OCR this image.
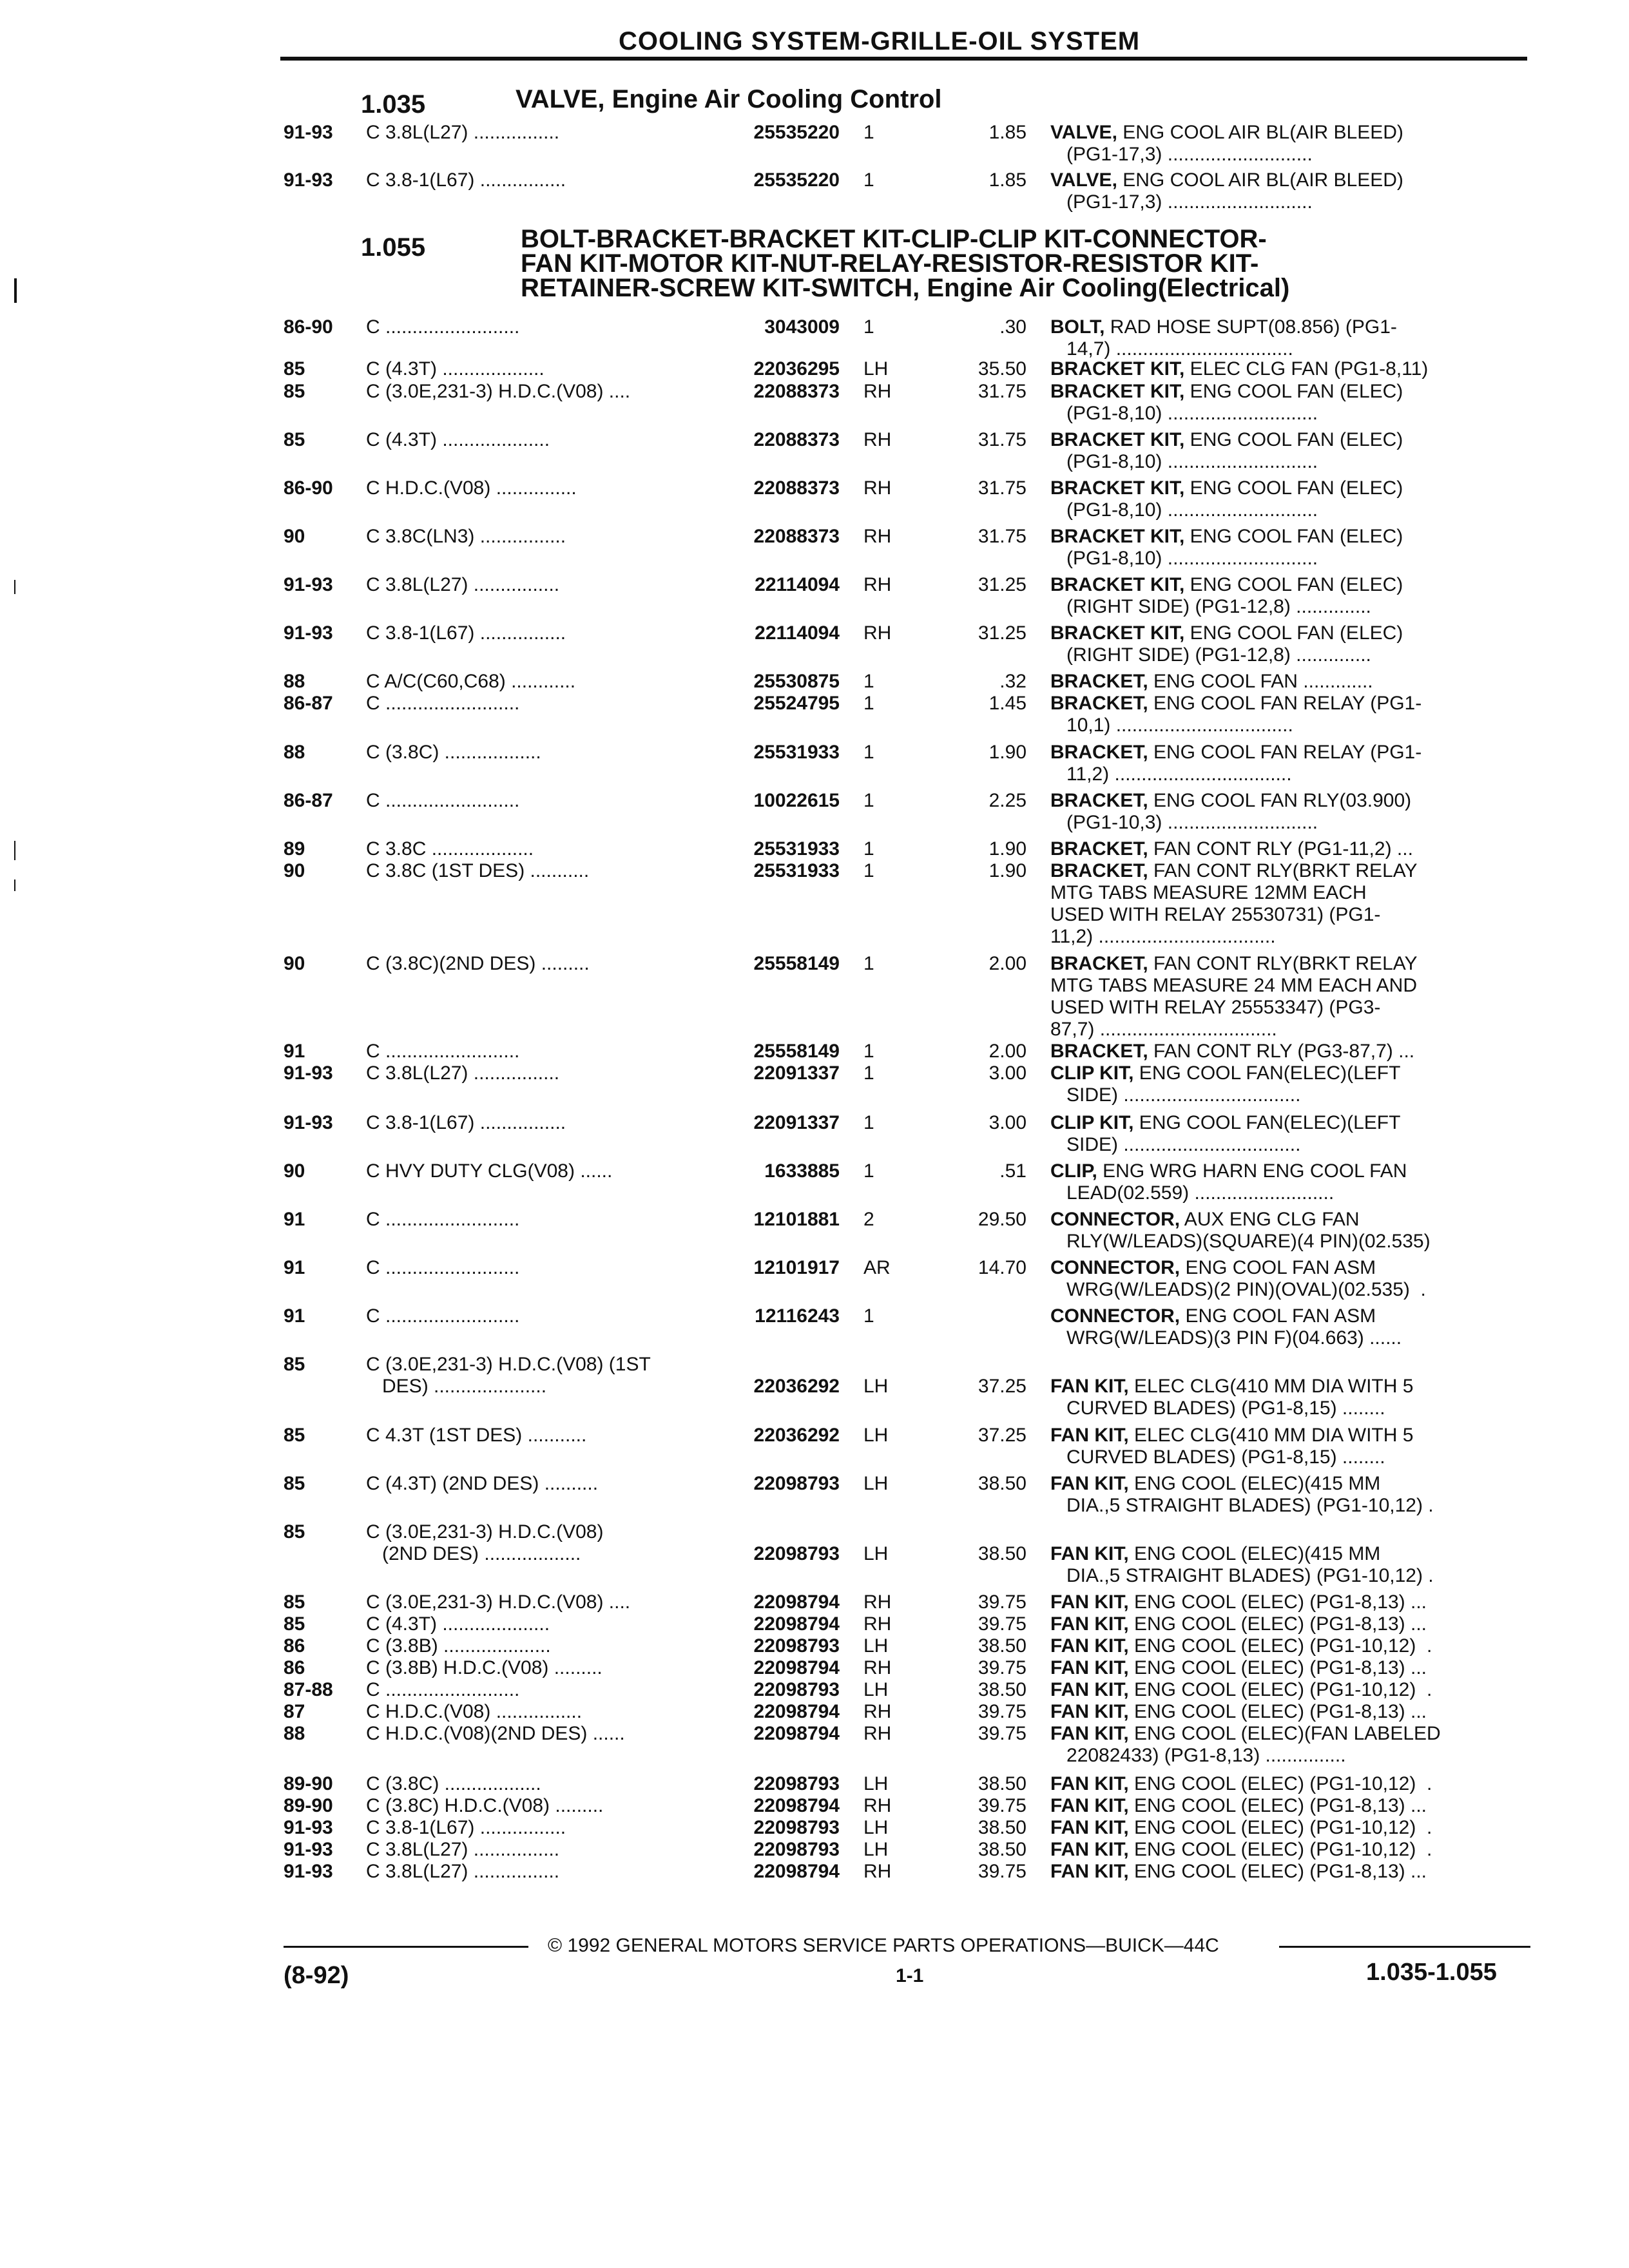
COOLING SYSTEM-GRILLE-OIL SYSTEM
1.035	VALVE, Engine Air Cooling Control
1.055	BOLT-BRACKET-BRACKET KIT-CLIP-CLIP KIT-CONNECTOR-
FAN KIT-MOTOR KIT-NUT-RELAY-RESISTOR-RESISTOR KIT-
RETAINER-SCREW KIT-SWITCH, Engine Air Cooling(Electrical)
91-93 C 3.8L(L27) ................	25535220 1	1.85 VALVE, ENG COOL AIR BL(AIR BLEED)
(PG1-17,3) ...........................
91-93 C 3.8-1(L67) ................	25535220 1	1.85 VALVE, ENG COOL AIR BL(AIR BLEED)
(PG1-17,3) ...........................
86-90 C .........................	3043009 1	.30 BOLT, RAD HOSE SUPT(08.856) (PG1-
14,7) .................................
85	C (4.3T) ...................	22036295 LH	35.50 BRACKET KIT, ELEC CLG FAN (PG1-8,11)
85	C (3.0E,231-3) H.D.C.(V08) ....	22088373 RH	31.75 BRACKET KIT, ENG COOL FAN (ELEC)
(PG1-8,10) ............................
85	C (4.3T) ....................	22088373 RH	31.75 BRACKET KIT, ENG COOL FAN (ELEC)
(PG1-8,10) ............................
86-90 C H.D.C.(V08) ...............	22088373 RH	31.75 BRACKET KIT, ENG COOL FAN (ELEC)
(PG1-8,10) ............................
90	C 3.8C(LN3) ................	22088373 RH	31.75 BRACKET KIT, ENG COOL FAN (ELEC)
(PG1-8,10) ............................
91-93 C 3.8L(L27) ................	22114094 RH	31.25 BRACKET KIT, ENG COOL FAN (ELEC)
(RIGHT SIDE) (PG1-12,8) ..............
91-93 C 3.8-1(L67) ................	22114094 RH	31.25 BRACKET KIT, ENG COOL FAN (ELEC)
(RIGHT SIDE) (PG1-12,8) ..............
88	C A/C(C60,C68) ............	25530875 1	.32 BRACKET, ENG COOL FAN .............
86-87 C .........................	25524795 1	1.45 BRACKET, ENG COOL FAN RELAY (PG1-
10,1) .................................
88	C (3.8C) ..................	25531933 1	1.90 BRACKET, ENG COOL FAN RELAY (PG1-
11,2) .................................
86-87 C .........................	10022615 1	2.25 BRACKET, ENG COOL FAN RLY(03.900)
(PG1-10,3) ............................
89	C 3.8C ...................	25531933 1	1.90 BRACKET, FAN CONT RLY (PG1-11,2) ...
90	C 3.8C (1ST DES) ...........	25531933 1	1.90 BRACKET, FAN CONT RLY(BRKT RELAY
MTG TABS MEASURE 12MM EACH
USED WITH RELAY 25530731) (PG1-
11,2) .................................
90	C (3.8C)(2ND DES) .........	25558149 1	2.00 BRACKET, FAN CONT RLY(BRKT RELAY
MTG TABS MEASURE 24 MM EACH AND
USED WITH RELAY 25553347) (PG3-
87,7) .................................
91	C .........................	25558149 1	2.00 BRACKET, FAN CONT RLY (PG3-87,7) ...
91-93 C 3.8L(L27) ................	22091337 1	3.00 CLIP KIT, ENG COOL FAN(ELEC)(LEFT
SIDE) .................................
91-93 C 3.8-1(L67) ................	22091337 1	3.00 CLIP KIT, ENG COOL FAN(ELEC)(LEFT
SIDE) .................................
90	C HVY DUTY CLG(V08) ......	1633885 1	.51 CLIP, ENG WRG HARN ENG COOL FAN
LEAD(02.559) ..........................
91	C .........................	12101881 2	29.50 CONNECTOR, AUX ENG CLG FAN
RLY(W/LEADS)(SQUARE)(4 PIN)(02.535)
91	C .........................	12101917 AR	14.70 CONNECTOR, ENG COOL FAN ASM
WRG(W/LEADS)(2 PIN)(OVAL)(02.535)  .
91	C .........................	12116243 1	CONNECTOR, ENG COOL FAN ASM
WRG(W/LEADS)(3 PIN F)(04.663) ......
85	C (3.0E,231-3) H.D.C.(V08) (1ST
DES) .....................	22036292 LH	37.25 FAN KIT, ELEC CLG(410 MM DIA WITH 5
CURVED BLADES) (PG1-8,15) ........
85	C 4.3T (1ST DES) ...........	22036292 LH	37.25 FAN KIT, ELEC CLG(410 MM DIA WITH 5
CURVED BLADES) (PG1-8,15) ........
85	C (4.3T) (2ND DES) ..........	22098793 LH	38.50 FAN KIT, ENG COOL (ELEC)(415 MM
DIA.,5 STRAIGHT BLADES) (PG1-10,12) .
85	C (3.0E,231-3) H.D.C.(V08)
(2ND DES) ..................	22098793 LH	38.50 FAN KIT, ENG COOL (ELEC)(415 MM
DIA.,5 STRAIGHT BLADES) (PG1-10,12) .
85	C (3.0E,231-3) H.D.C.(V08) ....	22098794 RH	39.75 FAN KIT, ENG COOL (ELEC) (PG1-8,13) ...
85	C (4.3T) ....................	22098794 RH	39.75 FAN KIT, ENG COOL (ELEC) (PG1-8,13) ...
86	C (3.8B) ....................	22098793 LH	38.50 FAN KIT, ENG COOL (ELEC) (PG1-10,12)  .
86	C (3.8B) H.D.C.(V08) .........	22098794 RH	39.75 FAN KIT, ENG COOL (ELEC) (PG1-8,13) ...
87-88 C .........................	22098793 LH	38.50 FAN KIT, ENG COOL (ELEC) (PG1-10,12)  .
87	C H.D.C.(V08) ................	22098794 RH	39.75 FAN KIT, ENG COOL (ELEC) (PG1-8,13) ...
88	C H.D.C.(V08)(2ND DES) ......	22098794 RH	39.75 FAN KIT, ENG COOL (ELEC)(FAN LABELED
22082433) (PG1-8,13) ...............
89-90 C (3.8C) ..................	22098793 LH	38.50 FAN KIT, ENG COOL (ELEC) (PG1-10,12)  .
89-90 C (3.8C) H.D.C.(V08) .........	22098794 RH	39.75 FAN KIT, ENG COOL (ELEC) (PG1-8,13) ...
91-93 C 3.8-1(L67) ................	22098793 LH	38.50 FAN KIT, ENG COOL (ELEC) (PG1-10,12)  .
91-93 C 3.8L(L27) ................	22098793 LH	38.50 FAN KIT, ENG COOL (ELEC) (PG1-10,12)  .
91-93 C 3.8L(L27) ................	22098794 RH	39.75 FAN KIT, ENG COOL (ELEC) (PG1-8,13) ...
© 1992 GENERAL MOTORS SERVICE PARTS OPERATIONS—BUICK—44C
(8-92)	1-1	1.035-1.055
